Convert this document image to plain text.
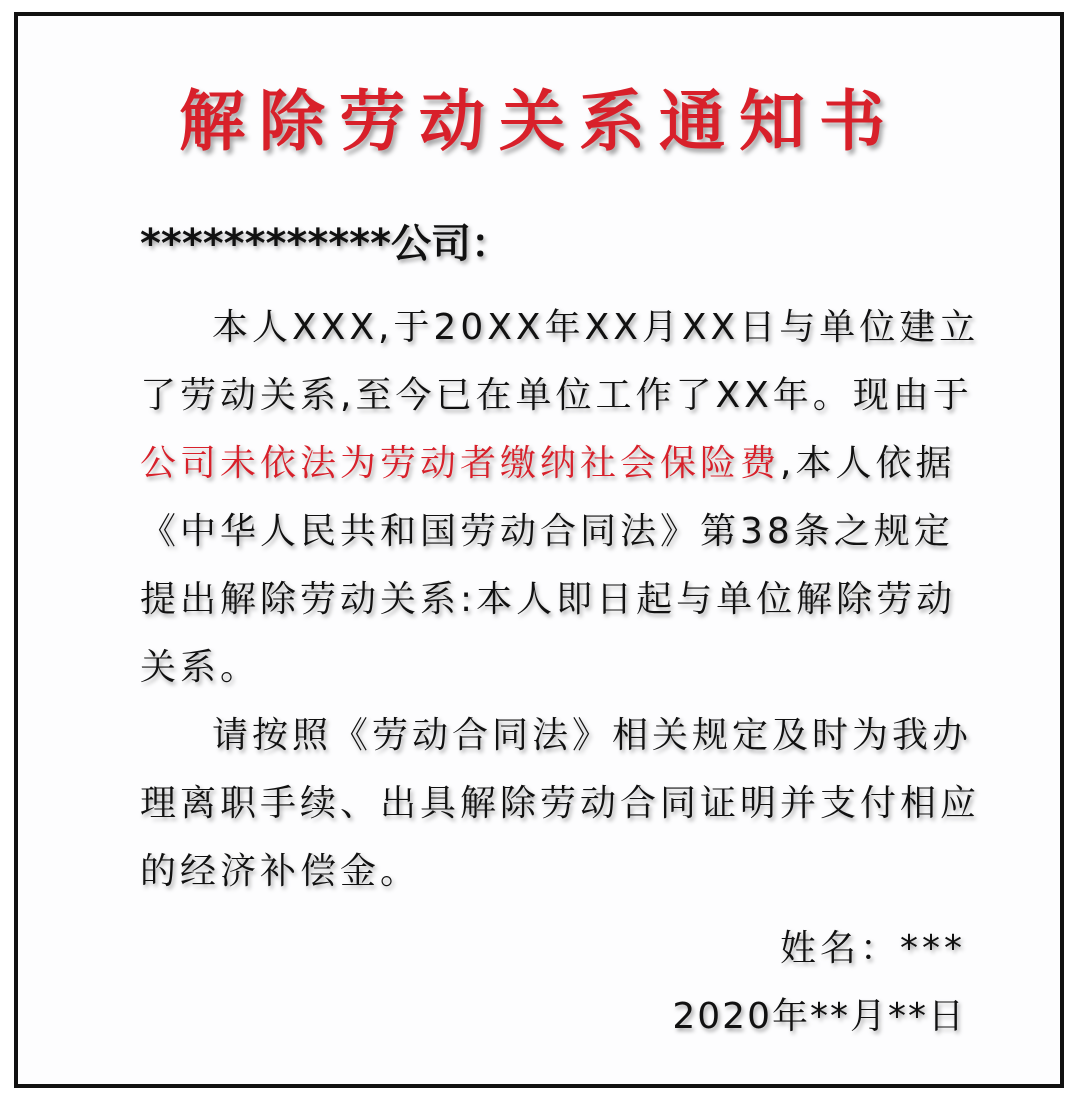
解除劳动关系通知书
************公司：

本人XXX,于20XX年XX月XX日与单位建立了劳动关系,至今已在单位工作了XX年。现由于公司未依法为劳动者缴纳社会保险费,本人依据《中华人民共和国劳动合同法》第38条之规定提出解除劳动关系:本人即日起与单位解除劳动关系。

请按照《劳动合同法》相关规定及时为我办理离职手续、出具解除劳动合同证明并支付相应的经济补偿金。

姓名：***
2020年**月**日
